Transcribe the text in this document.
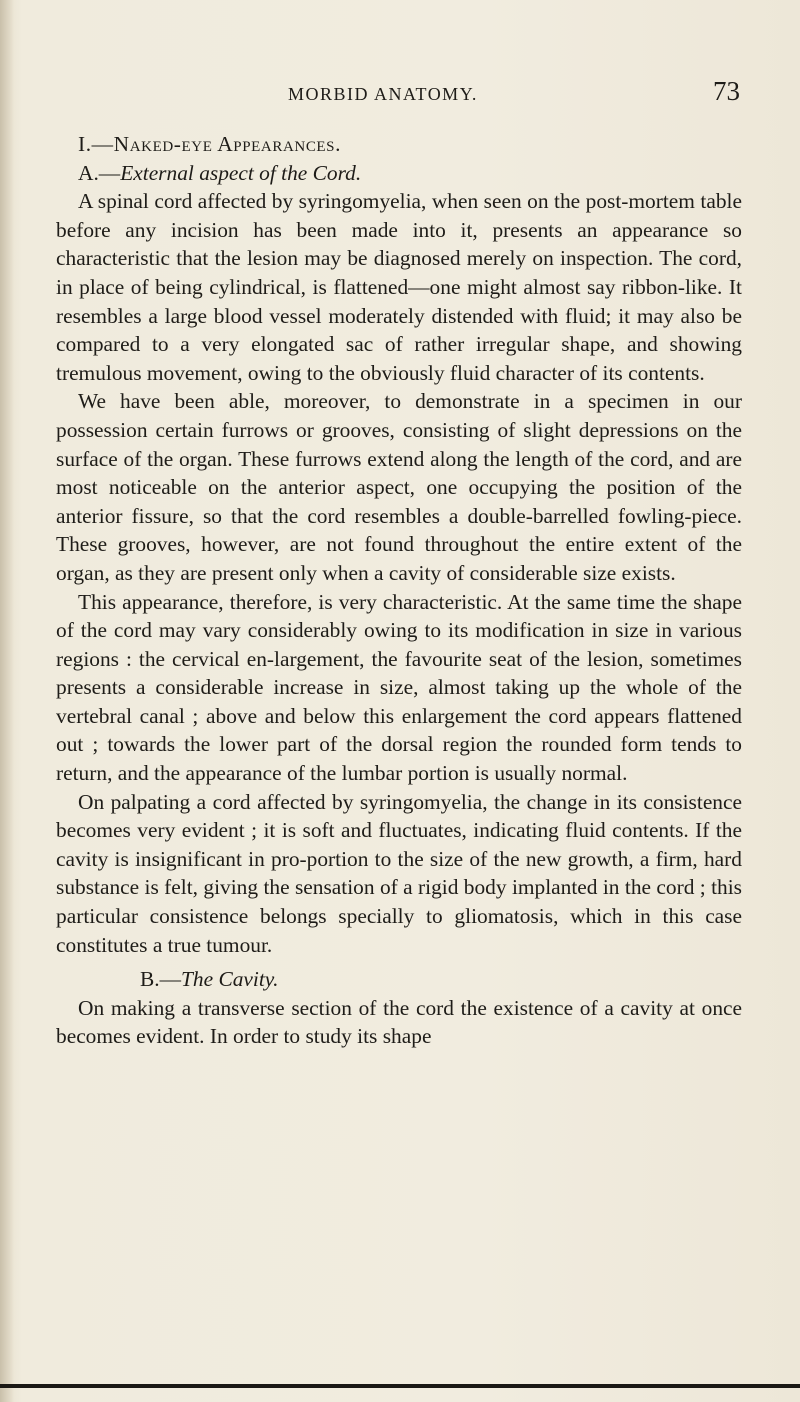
MORBID ANATOMY.	73

I.—Naked-eye Appearances.

A.—External aspect of the Cord.

A spinal cord affected by syringomyelia, when seen on the post-mortem table before any incision has been made into it, presents an appearance so characteristic that the lesion may be diagnosed merely on inspection. The cord, in place of being cylindrical, is flattened—one might almost say ribbon-like. It resembles a large blood vessel moderately distended with fluid; it may also be compared to a very elongated sac of rather irregular shape, and showing tremulous movement, owing to the obviously fluid character of its contents.

We have been able, moreover, to demonstrate in a specimen in our possession certain furrows or grooves, consisting of slight depressions on the surface of the organ. These furrows extend along the length of the cord, and are most noticeable on the anterior aspect, one occupying the position of the anterior fissure, so that the cord resembles a double-barrelled fowling-piece. These grooves, however, are not found throughout the entire extent of the organ, as they are present only when a cavity of considerable size exists.

This appearance, therefore, is very characteristic. At the same time the shape of the cord may vary considerably owing to its modification in size in various regions : the cervical en-largement, the favourite seat of the lesion, sometimes presents a considerable increase in size, almost taking up the whole of the vertebral canal ; above and below this enlargement the cord appears flattened out ; towards the lower part of the dorsal region the rounded form tends to return, and the appearance of the lumbar portion is usually normal.

On palpating a cord affected by syringomyelia, the change in its consistence becomes very evident ; it is soft and fluctuates, indicating fluid contents. If the cavity is insignificant in pro-portion to the size of the new growth, a firm, hard substance is felt, giving the sensation of a rigid body implanted in the cord ; this particular consistence belongs specially to gliomatosis, which in this case constitutes a true tumour.

B.—The Cavity.

On making a transverse section of the cord the existence of a cavity at once becomes evident. In order to study its shape
